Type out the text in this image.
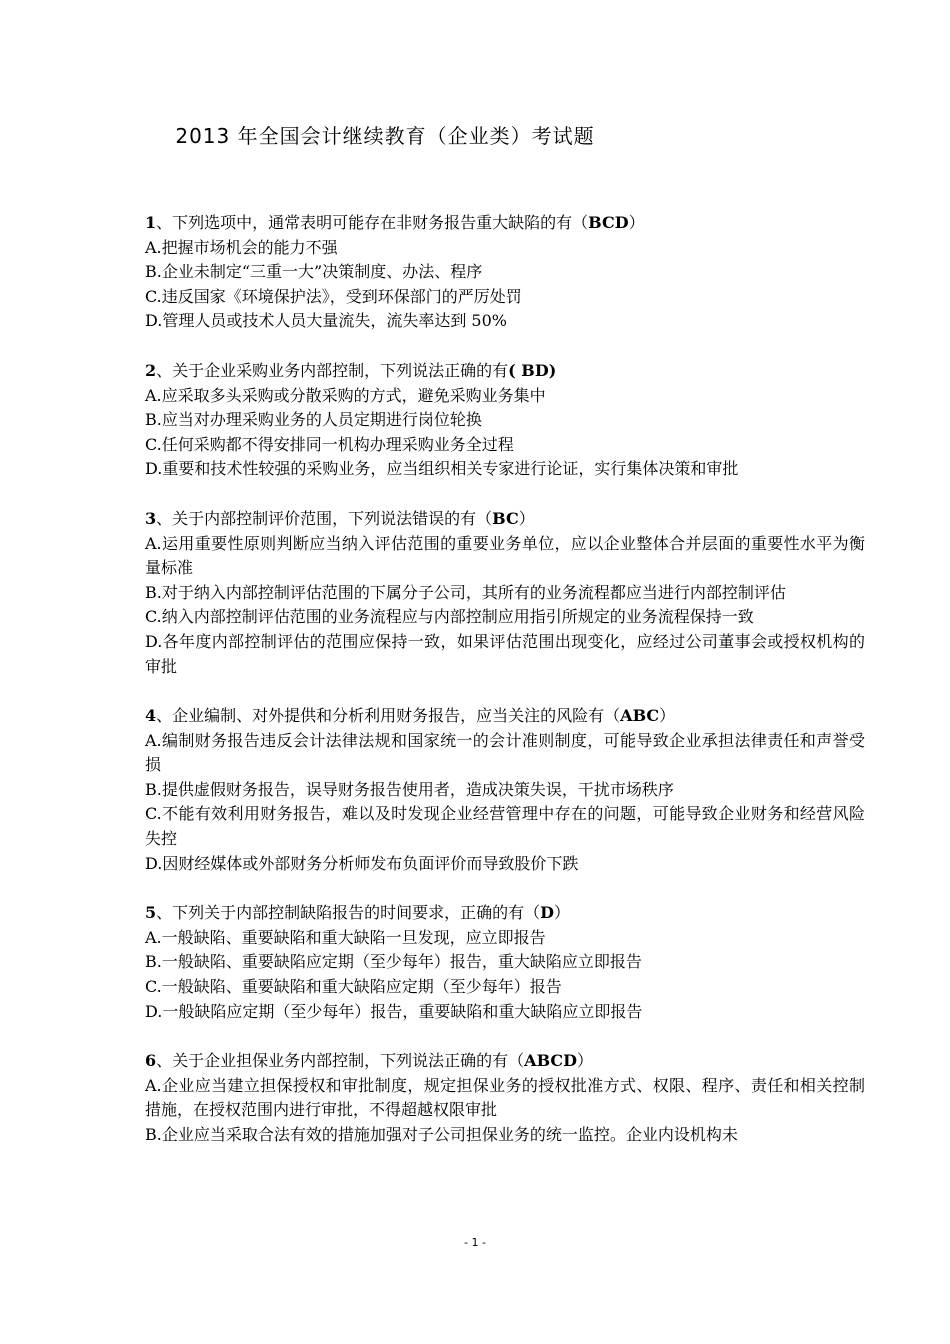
2013 年全国会计继续教育（企业类）考试题
1、下列选项中，通常表明可能存在非财务报告重大缺陷的有（BCD）
A.把握市场机会的能力不强
B.企业未制定“三重一大”决策制度、办法、程序
C.违反国家《环境保护法》，受到环保部门的严厉处罚
D.管理人员或技术人员大量流失，流失率达到 50%
2、关于企业采购业务内部控制，下列说法正确的有( BD)
A.应采取多头采购或分散采购的方式，避免采购业务集中
B.应当对办理采购业务的人员定期进行岗位轮换
C.任何采购都不得安排同一机构办理采购业务全过程
D.重要和技术性较强的采购业务，应当组织相关专家进行论证，实行集体决策和审批
3、关于内部控制评价范围，下列说法错误的有（BC）
A.运用重要性原则判断应当纳入评估范围的重要业务单位，应以企业整体合并层面的重要性水平为衡量标准
B.对于纳入内部控制评估范围的下属分子公司，其所有的业务流程都应当进行内部控制评估
C.纳入内部控制评估范围的业务流程应与内部控制应用指引所规定的业务流程保持一致
D.各年度内部控制评估的范围应保持一致，如果评估范围出现变化，应经过公司董事会或授权机构的审批
4、企业编制、对外提供和分析利用财务报告，应当关注的风险有（ABC）
A.编制财务报告违反会计法律法规和国家统一的会计准则制度，可能导致企业承担法律责任和声誉受损
B.提供虚假财务报告，误导财务报告使用者，造成决策失误，干扰市场秩序
C.不能有效利用财务报告，难以及时发现企业经营管理中存在的问题，可能导致企业财务和经营风险失控
D.因财经媒体或外部财务分析师发布负面评价而导致股价下跌
5、下列关于内部控制缺陷报告的时间要求，正确的有（D）
A.一般缺陷、重要缺陷和重大缺陷一旦发现，应立即报告
B.一般缺陷、重要缺陷应定期（至少每年）报告，重大缺陷应立即报告
C.一般缺陷、重要缺陷和重大缺陷应定期（至少每年）报告
D.一般缺陷应定期（至少每年）报告，重要缺陷和重大缺陷应立即报告
6、关于企业担保业务内部控制，下列说法正确的有（ABCD）
A.企业应当建立担保授权和审批制度，规定担保业务的授权批准方式、权限、程序、责任和相关控制措施，在授权范围内进行审批，不得超越权限审批
B.企业应当采取合法有效的措施加强对子公司担保业务的统一监控。企业内设机构未
- 1 -
